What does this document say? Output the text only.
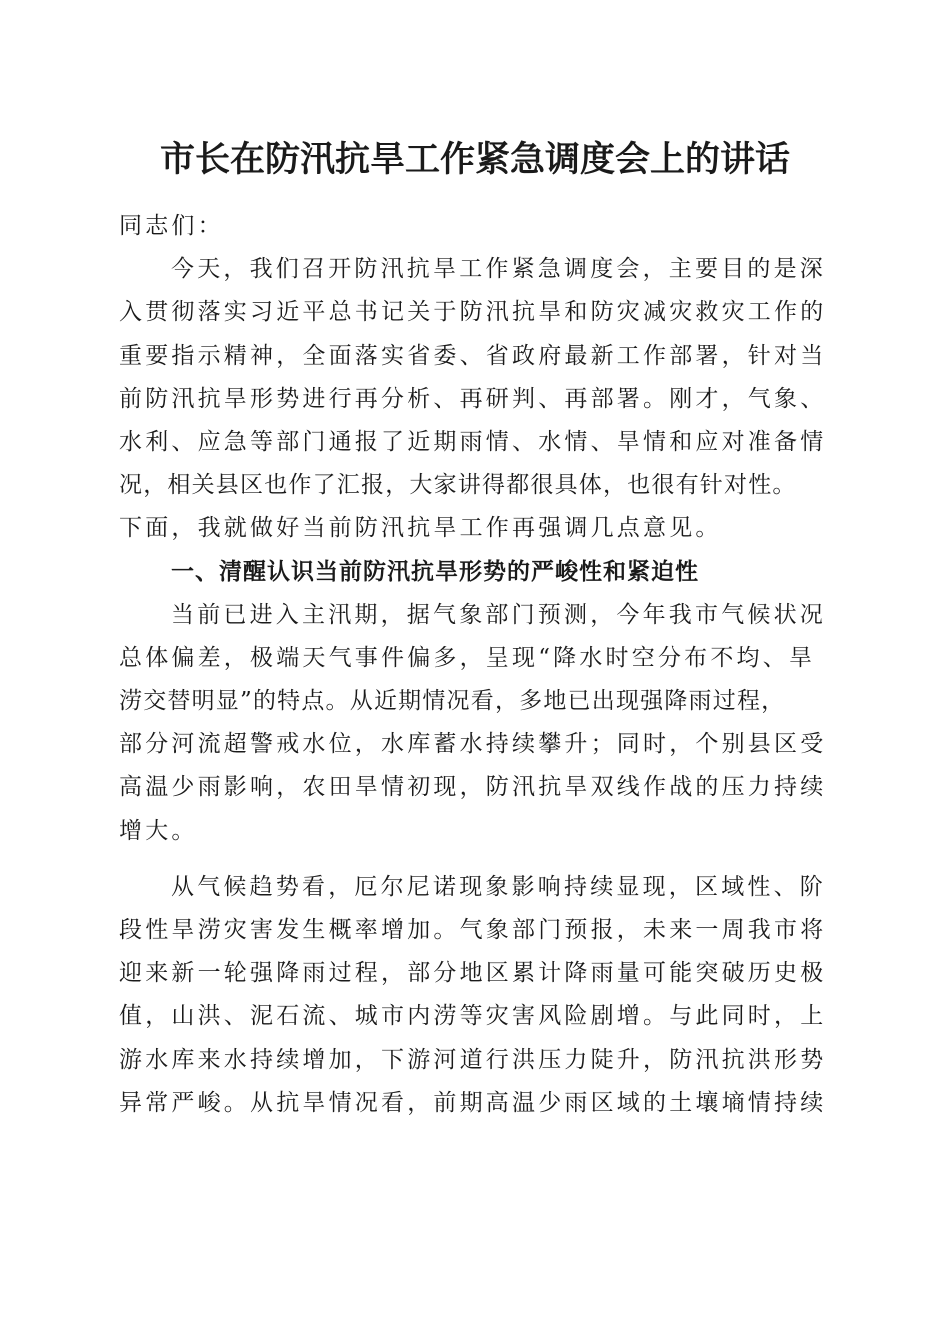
市长在防汛抗旱工作紧急调度会上的讲话
同志们：
今天，我们召开防汛抗旱工作紧急调度会，主要目的是深
入贯彻落实习近平总书记关于防汛抗旱和防灾减灾救灾工作的
重要指示精神，全面落实省委、省政府最新工作部署，针对当
前防汛抗旱形势进行再分析、再研判、再部署。刚才，气象、
水利、应急等部门通报了近期雨情、水情、旱情和应对准备情
况，相关县区也作了汇报，大家讲得都很具体，也很有针对性。
下面，我就做好当前防汛抗旱工作再强调几点意见。
一、清醒认识当前防汛抗旱形势的严峻性和紧迫性
当前已进入主汛期，据气象部门预测，今年我市气候状况
总体偏差，极端天气事件偏多，呈现“降水时空分布不均、旱
涝交替明显”的特点。从近期情况看，多地已出现强降雨过程，
部分河流超警戒水位，水库蓄水持续攀升；同时，个别县区受
高温少雨影响，农田旱情初现，防汛抗旱双线作战的压力持续
增大。
从气候趋势看，厄尔尼诺现象影响持续显现，区域性、阶
段性旱涝灾害发生概率增加。气象部门预报，未来一周我市将
迎来新一轮强降雨过程，部分地区累计降雨量可能突破历史极
值，山洪、泥石流、城市内涝等灾害风险剧增。与此同时，上
游水库来水持续增加，下游河道行洪压力陡升，防汛抗洪形势
异常严峻。从抗旱情况看，前期高温少雨区域的土壤墒情持续
